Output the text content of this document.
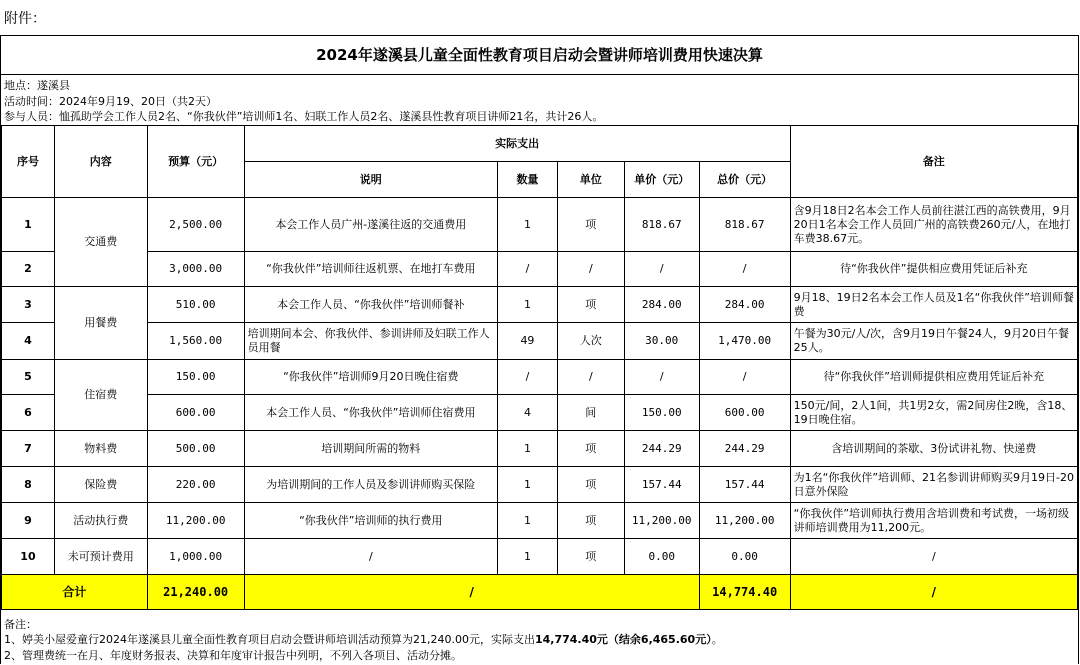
附件：
2024年遂溪县儿童全面性教育项目启动会暨讲师培训费用快速决算
地点：遂溪县
活动时间：2024年9月19、20日（共2天）
参与人员：恤孤助学会工作人员2名、“你我伙伴”培训师1名、妇联工作人员2名、遂溪县性教育项目讲师21名，共计26人。
序号	内容	预算（元）	实际支出					备注
			说明	数量	单位	单价（元）	总价（元）	
1	交通费	2,500.00	本会工作人员广州-遂溪往返的交通费用	1	项	818.67	818.67	含9月18日2名本会工作人员前往湛江西的高铁费用，9月20日1名本会工作人员回广州的高铁费260元/人，在地打车费38.67元。
2		3,000.00	“你我伙伴”培训师往返机票、在地打车费用	/	/	/	/	待“你我伙伴”提供相应费用凭证后补充
3	用餐费	510.00	本会工作人员、“你我伙伴”培训师餐补	1	项	284.00	284.00	9月18、19日2名本会工作人员及1名“你我伙伴”培训师餐费
4		1,560.00	培训期间本会、你我伙伴、参训讲师及妇联工作人员用餐	49	人次	30.00	1,470.00	午餐为30元/人/次，含9月19日午餐24人，9月20日午餐25人。
5	住宿费	150.00	“你我伙伴”培训师9月20日晚住宿费	/	/	/	/	待“你我伙伴”培训师提供相应费用凭证后补充
6		600.00	本会工作人员、“你我伙伴”培训师住宿费用	4	间	150.00	600.00	150元/间，2人1间，共1男2女，需2间房住2晚，含18、19日晚住宿。
7	物料费	500.00	培训期间所需的物料	1	项	244.29	244.29	含培训期间的茶歇、3份试讲礼物、快递费
8	保险费	220.00	为培训期间的工作人员及参训讲师购买保险	1	项	157.44	157.44	为1名“你我伙伴”培训师、21名参训讲师购买9月19日-20日意外保险
9	活动执行费	11,200.00	“你我伙伴”培训师的执行费用	1	项	11,200.00	11,200.00	“你我伙伴”培训师执行费用含培训费和考试费，一场初级讲师培训费用为11,200元。
10	未可预计费用	1,000.00	/	1	项	0.00	0.00	/
合计		21,240.00	/				14,774.40	/
备注：
1、婷美小屋爱童行2024年遂溪县儿童全面性教育项目启动会暨讲师培训活动预算为21,240.00元，实际支出14,774.40元（结余6,465.60元）。
2、管理费统一在月、年度财务报表、决算和年度审计报告中列明，不列入各项目、活动分摊。
